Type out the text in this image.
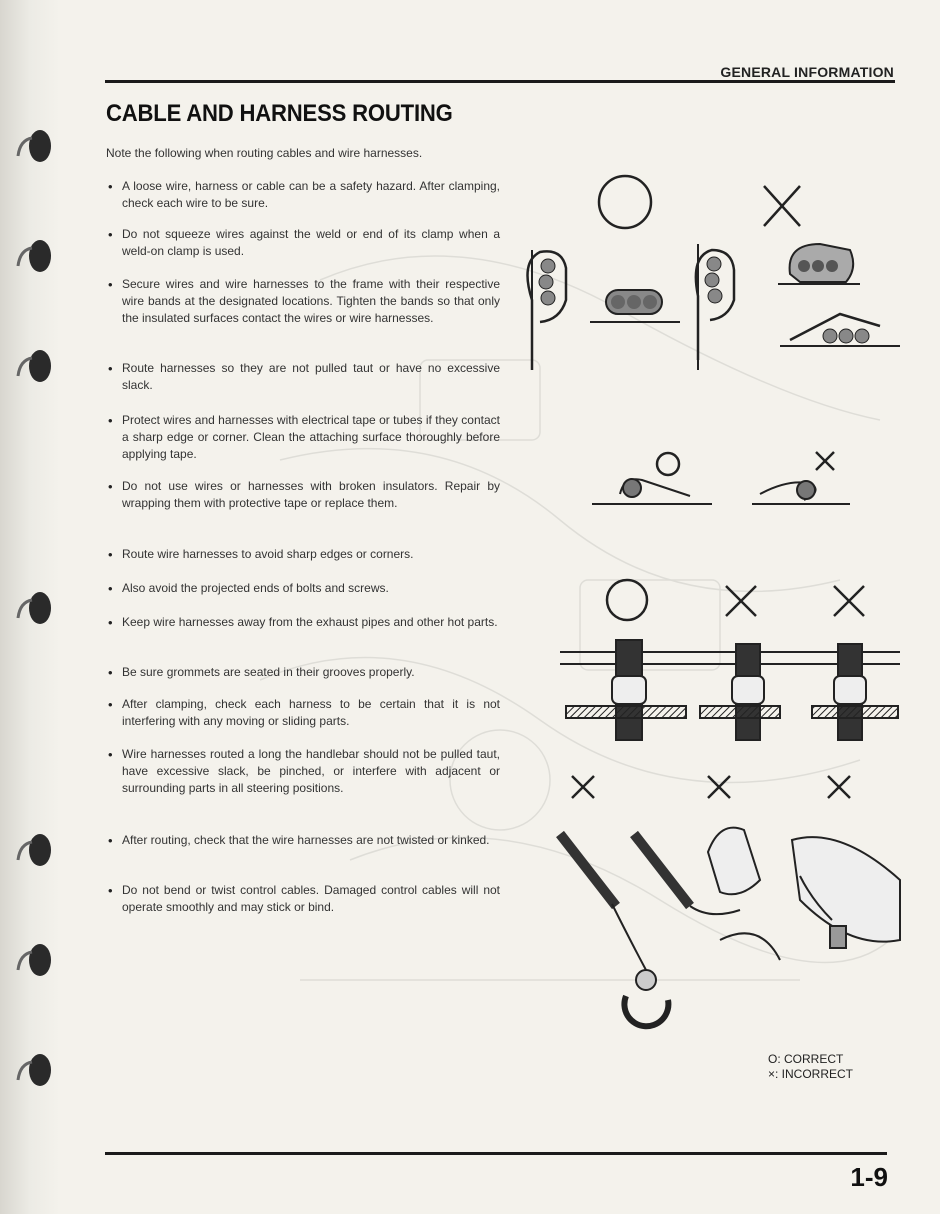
GENERAL INFORMATION
CABLE AND HARNESS ROUTING
Note the following when routing cables and wire harnesses.
• A loose wire, harness or cable can be a safety hazard. After clamping, check each wire to be sure.
• Do not squeeze wires against the weld or end of its clamp when a weld-on clamp is used.
• Secure wires and wire harnesses to the frame with their respective wire bands at the designated locations. Tighten the bands so that only the insulated surfaces contact the wires or wire harnesses.
• Route harnesses so they are not pulled taut or have no excessive slack.
• Protect wires and harnesses with electrical tape or tubes if they contact a sharp edge or corner. Clean the attaching surface thoroughly before applying tape.
• Do not use wires or harnesses with broken insulators. Repair by wrapping them with protective tape or replace them.
• Route wire harnesses to avoid sharp edges or corners.
• Also avoid the projected ends of bolts and screws.
• Keep wire harnesses away from the exhaust pipes and other hot parts.
• Be sure grommets are seated in their grooves properly.
• After clamping, check each harness to be certain that it is not interfering with any moving or sliding parts.
• Wire harnesses routed a long the handlebar should not be pulled taut, have excessive slack, be pinched, or interfere with adjacent or surrounding parts in all steering positions.
• After routing, check that the wire harnesses are not twisted or kinked.
• Do not bend or twist control cables. Damaged control cables will not operate smoothly and may stick or bind.
O: CORRECT
×: INCORRECT
1-9
